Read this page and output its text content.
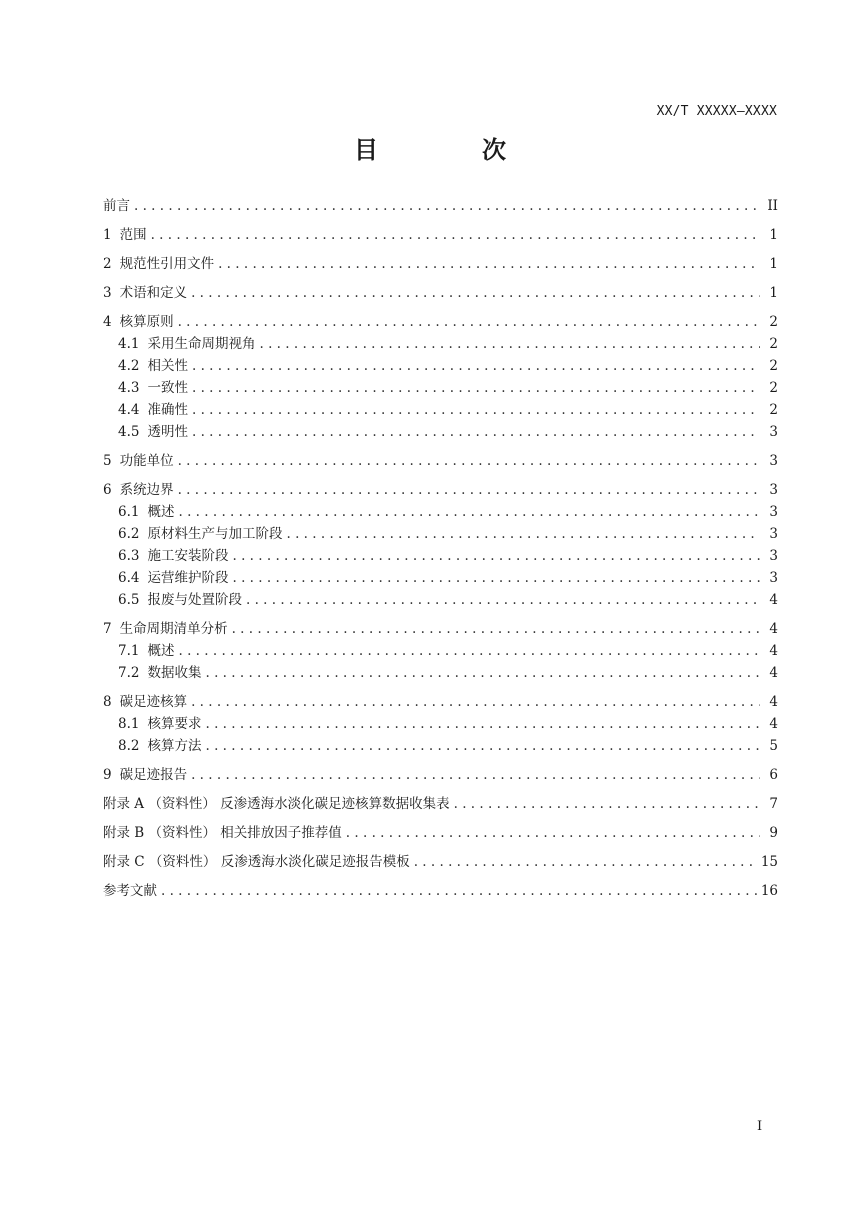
XX/T XXXXX—XXXX
目　次
前言 .....	II
1 范围 .....	1
2 规范性引用文件 .....	1
3 术语和定义 .....	1
4 核算原则 .....	2
4.1 采用生命周期视角 .....	2
4.2 相关性 .....	2
4.3 一致性 .....	2
4.4 准确性 .....	2
4.5 透明性 .....	3
5 功能单位 .....	3
6 系统边界 .....	3
6.1 概述 .....	3
6.2 原材料生产与加工阶段 .....	3
6.3 施工安装阶段 .....	3
6.4 运营维护阶段 .....	3
6.5 报废与处置阶段 .....	4
7 生命周期清单分析 .....	4
7.1 概述 .....	4
7.2 数据收集 .....	4
8 碳足迹核算 .....	4
8.1 核算要求 .....	4
8.2 核算方法 .....	5
9 碳足迹报告 .....	6
附录 A （资料性） 反渗透海水淡化碳足迹核算数据收集表 .....	7
附录 B （资料性） 相关排放因子推荐值 .....	9
附录 C （资料性） 反渗透海水淡化碳足迹报告模板 .....	15
参考文献 .....	16
I
